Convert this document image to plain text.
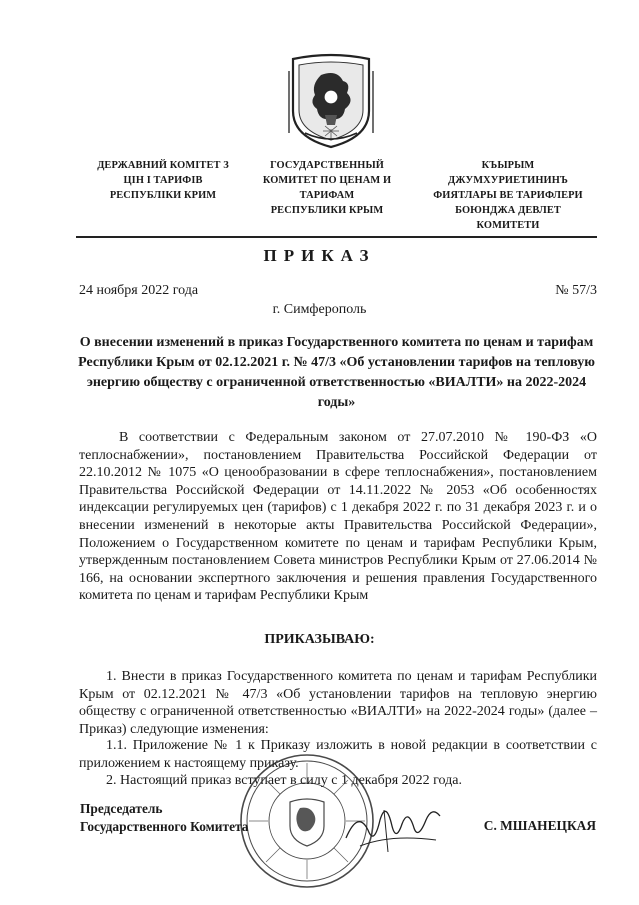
ДЕРЖАВНИЙ КОМІТЕТ З
ЦІН І ТАРИФІВ
РЕСПУБЛІКИ КРИМ
ГОСУДАРСТВЕННЫЙ
КОМИТЕТ ПО ЦЕНАМ И
ТАРИФАМ
РЕСПУБЛИКИ КРЫМ
КЪЫРЫМ
ДЖУМХУРИЕТИНИНЪ
ФИЯТЛАРЫ ВЕ ТАРИФЛЕРИ
БОЮНДЖА ДЕВЛЕТ
КОМИТЕТИ
ПРИКАЗ
24 ноября 2022 года	№ 57/3
г. Симферополь
О внесении изменений в приказ Государственного комитета по ценам и тарифам Республики Крым от 02.12.2021 г. № 47/3 «Об установлении тарифов на тепловую энергию обществу с ограниченной ответственностью «ВИАЛТИ» на 2022-2024 годы»
В соответствии с Федеральным законом от 27.07.2010 № 190-ФЗ «О теплоснабжении», постановлением Правительства Российской Федерации от 22.10.2012 № 1075 «О ценообразовании в сфере теплоснабжения», постановлением Правительства Российской Федерации от 14.11.2022 № 2053 «Об особенностях индексации регулируемых цен (тарифов) с 1 декабря 2022 г. по 31 декабря 2023 г. и о внесении изменений в некоторые акты Правительства Российской Федерации», Положением о Государственном комитете по ценам и тарифам Республики Крым, утвержденным постановлением Совета министров Республики Крым от 27.06.2014 № 166, на основании экспертного заключения и решения правления Государственного комитета по ценам и тарифам Республики Крым
ПРИКАЗЫВАЮ:
1. Внести в приказ Государственного комитета по ценам и тарифам Республики Крым от 02.12.2021 № 47/3 «Об установлении тарифов на тепловую энергию обществу с ограниченной ответственностью «ВИАЛТИ» на 2022-2024 годы» (далее – Приказ) следующие изменения:
1.1. Приложение № 1 к Приказу изложить в новой редакции в соответствии с приложением к настоящему приказу.
2. Настоящий приказ вступает в силу с 1 декабря 2022 года.
Председатель
Государственного Комитета	С. МШАНЕЦКАЯ
